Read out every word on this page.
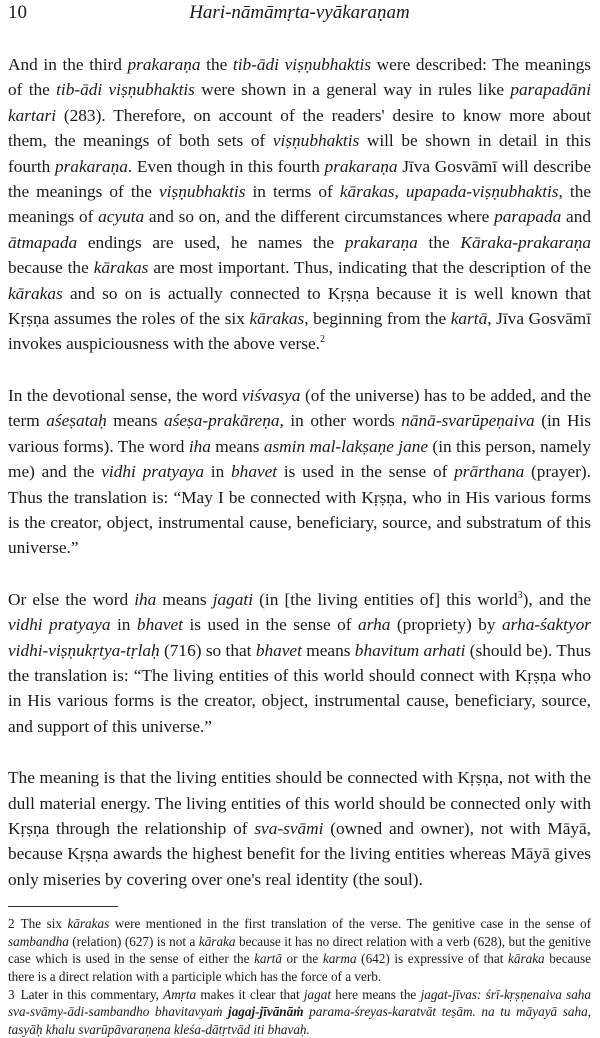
10	Hari-nāmāmṛta-vyākaraṇam

And in the third prakaraṇa the tib-ādi viṣṇubhaktis were described: The meanings of the tib-ādi viṣṇubhaktis were shown in a general way in rules like parapadāni kartari (283). Therefore, on account of the readers' desire to know more about them, the meanings of both sets of viṣṇubhaktis will be shown in detail in this fourth prakaraṇa. Even though in this fourth prakaraṇa Jīva Gosvāmī will describe the meanings of the viṣṇubhaktis in terms of kārakas, upapada-viṣṇubhaktis, the meanings of acyuta and so on, and the different circumstances where parapada and ātmapada endings are used, he names the prakaraṇa the Kāraka-prakaraṇa because the kārakas are most important. Thus, indicating that the description of the kārakas and so on is actually connected to Kṛṣṇa because it is well known that Kṛṣṇa assumes the roles of the six kārakas, beginning from the kartā, Jīva Gosvāmī invokes auspiciousness with the above verse.$^2$

In the devotional sense, the word viśvasya (of the universe) has to be added, and the term aśeṣataḥ means aśeṣa-prakāreṇa, in other words nānā-svarūpeṇaiva (in His various forms). The word iha means asmin mal-lakṣaṇe jane (in this person, namely me) and the vidhi pratyaya in bhavet is used in the sense of prārthana (prayer). Thus the translation is: “May I be connected with Kṛṣṇa, who in His various forms is the creator, object, instrumental cause, beneficiary, source, and substratum of this universe.”

Or else the word iha means jagati (in [the living entities of] this world$^3$), and the vidhi pratyaya in bhavet is used in the sense of arha (propriety) by arha-śaktyor vidhi-viṣṇukṛtya-tṛlaḥ (716) so that bhavet means bhavitum arhati (should be). Thus the translation is: “The living entities of this world should connect with Kṛṣṇa who in His various forms is the creator, object, instrumental cause, beneficiary, source, and support of this universe.”

The meaning is that the living entities should be connected with Kṛṣṇa, not with the dull material energy. The living entities of this world should be connected only with Kṛṣṇa through the relationship of sva-svāmi (owned and owner), not with Māyā, because Kṛṣṇa awards the highest benefit for the living entities whereas Māyā gives only miseries by covering over one's real identity (the soul).

2 The six kārakas were mentioned in the first translation of the verse. The genitive case in the sense of sambandha (relation) (627) is not a kāraka because it has no direct relation with a verb (628), but the genitive case which is used in the sense of either the kartā or the karma (642) is expressive of that kāraka because there is a direct relation with a participle which has the force of a verb.

3 Later in this commentary, Amṛta makes it clear that jagat here means the jagat-jīvas: śrī-kṛṣṇenaiva saha sva-svāmy-ādi-sambandho bhavitavyaṁ jagaj-jīvānāṁ parama-śreyas-karatvāt teṣām. na tu māyayā saha, tasyāḥ khalu svarūpāvaraṇena kleśa-dātṛtvād iti bhavaḥ.
